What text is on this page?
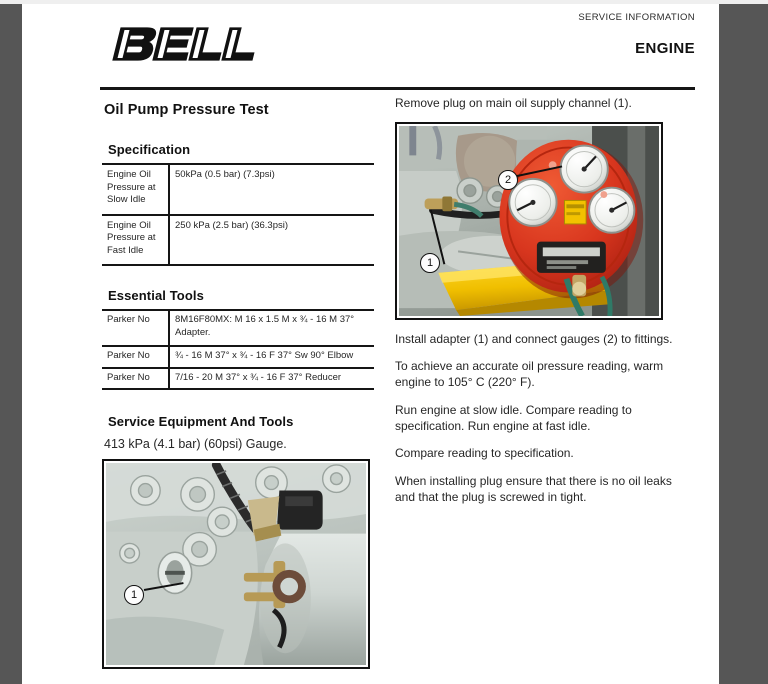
SERVICE INFORMATION
ENGINE
Oil Pump Pressure Test
Specification
Engine Oil Pressure at Slow Idle	50kPa (0.5 bar) (7.3psi)
Engine Oil Pressure at Fast Idle	250 kPa (2.5 bar) (36.3psi)
Essential Tools
Parker No	8M16F80MX: M 16 x 1.5 M x ¾ - 16 M 37° Adapter.
Parker No	¾ - 16 M 37° x ¾ - 16 F 37° Sw 90° Elbow
Parker No	7/16 - 20 M 37° x ¾ - 16 F 37° Reducer
Service Equipment And Tools

413 kPa (4.1 bar) (60psi) Gauge.

1

Remove plug on main oil supply channel (1).

2
1

Install adapter (1) and connect gauges (2) to fittings.

To achieve an accurate oil pressure reading, warm engine to 105° C (220° F).

Run engine at slow idle. Compare reading to specification. Run engine at fast idle.

Compare reading to specification.

When installing plug ensure that there is no oil leaks and that the plug is screwed in tight.
